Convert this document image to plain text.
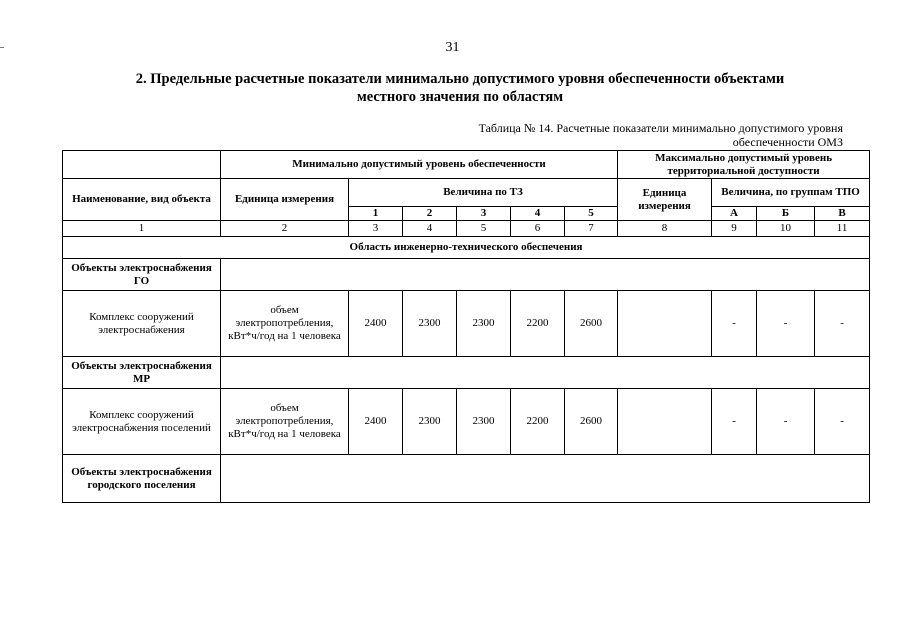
31
2. Предельные расчетные показатели минимально допустимого уровня обеспеченности объектами
местного значения по областям
Таблица № 14. Расчетные показатели минимально допустимого уровня
обеспеченности ОМЗ
	Минимально допустимый уровень обеспеченности						Максимально допустимый уровень территориальной доступности			
Наименование, вид объекта	Единица измерения	Величина по ТЗ					Единица измерения	Величина, по группам ТПО		
		1	2	3	4	5		А	Б	В
1	2	3	4	5	6	7	8	9	10	11
Область инженерно-технического обеспечения										
Объекты электроснабжения ГО										
Комплекс сооружений электроснабжения	объем электропотребления, кВт*ч/год на 1 человека	2400	2300	2300	2200	2600		-	-	-
Объекты электроснабжения МР										
Комплекс сооружений электроснабжения поселений	объем электропотребления, кВт*ч/год на 1 человека	2400	2300	2300	2200	2600		-	-	-
Объекты электроснабжения городского поселения										
